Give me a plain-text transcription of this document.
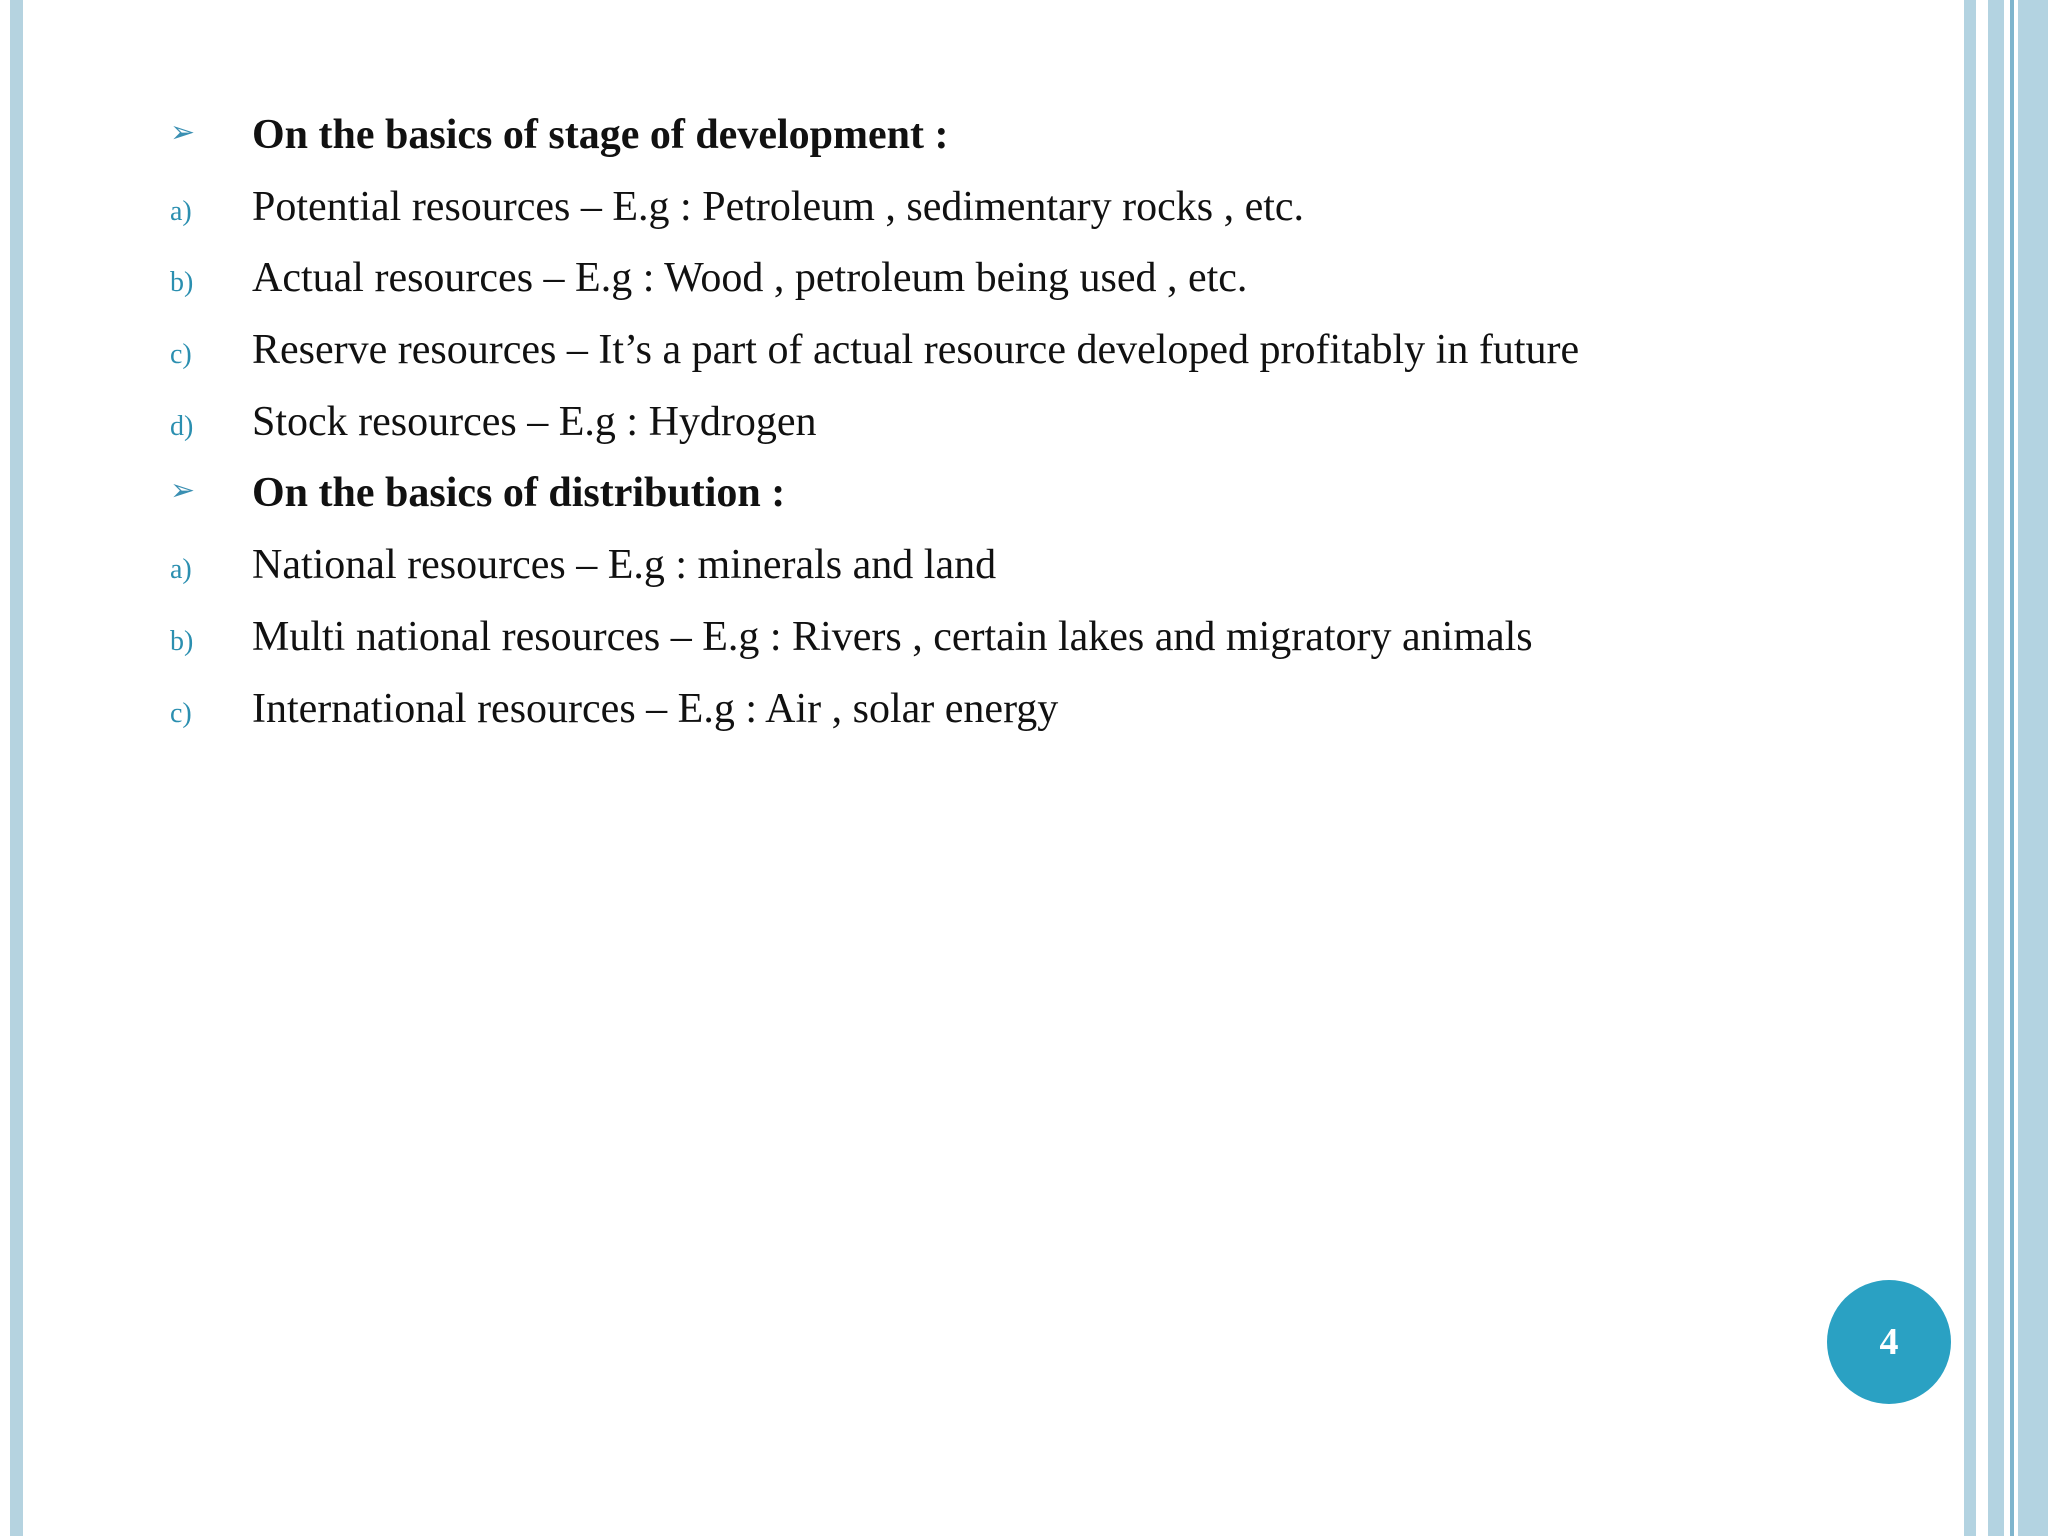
➢	On the basics of stage of development :
a)	Potential resources – E.g : Petroleum , sedimentary rocks , etc.
b)	Actual resources – E.g : Wood , petroleum being used , etc.
c)	Reserve resources – It’s a part of actual resource developed profitably in future
d)	Stock resources – E.g : Hydrogen
➢	On the basics of distribution :
a)	National resources – E.g : minerals and land
b)	Multi national resources – E.g : Rivers , certain lakes and migratory animals
c)	International resources – E.g : Air , solar energy
4
